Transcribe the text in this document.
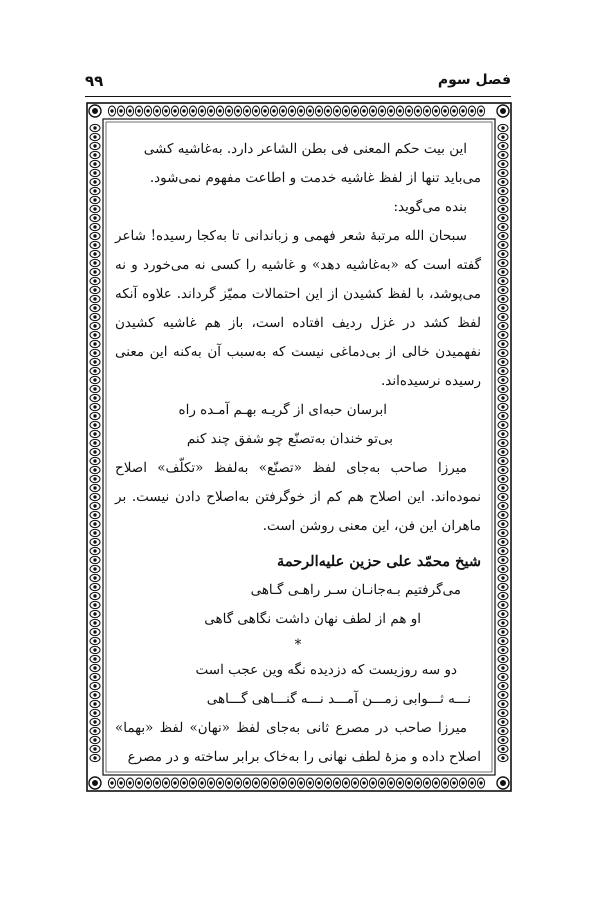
۹۹	فصل سوم

این بیت حکم المعنی فی بطن الشاعر دارد. به‌غاشیه کشی

می‌باید تنها از لفظ غاشیه خدمت و اطاعت مفهوم نمی‌شود.

بنده می‌گوید:

سبحان الله مرتبهٔ شعر فهمی و زباندانی تا به‌کجا رسیده! شاعر گفته است که «به‌غاشیه دهد» و غاشیه را کسی نه می‌خورد و نه می‌پوشد، با لفظ کشیدن از این احتمالات ممیّز گرداند. علاوه آنکه لفظ کشد در غزل ردیف افتاده است، باز هم غاشیه کشیدن نفهمیدن خالی از بی‌دماغی نیست که به‌سبب آن به‌کنه این معنی رسیده نرسیده‌اند.

ابرسان حبه‌ای از گریـه بهـم آمـده راه

بی‌تو خندان به‌تصنّع چو شفق چند کنم

میرزا صاحب به‌جای لفظ «تصنّع» به‌لفظ «تکلّف» اصلاح نموده‌اند. این اصلاح هم کم از خوگرفتن به‌اصلاح دادن نیست. بر ماهران این فن، این معنی روشن است.

شیخ محمّد علی حزین علیه‌الرحمة

می‌گرفتیم بـه‌جانـان سـر راهـی گـاهی

او هم از لطف نهان داشت نگاهی گاهی

*

دو سه روزیست که دزدیده نگه وین عجب است

نـــه ثـــوابی زمـــن آمـــد نـــه گنـــاهی گـــاهی

میرزا صاحب در مصرع ثانی به‌جای لفظ «نهان» لفظ «بهما» اصلاح داده و مزهٔ لطف نهانی را به‌خاک برابر ساخته و در مصرع
